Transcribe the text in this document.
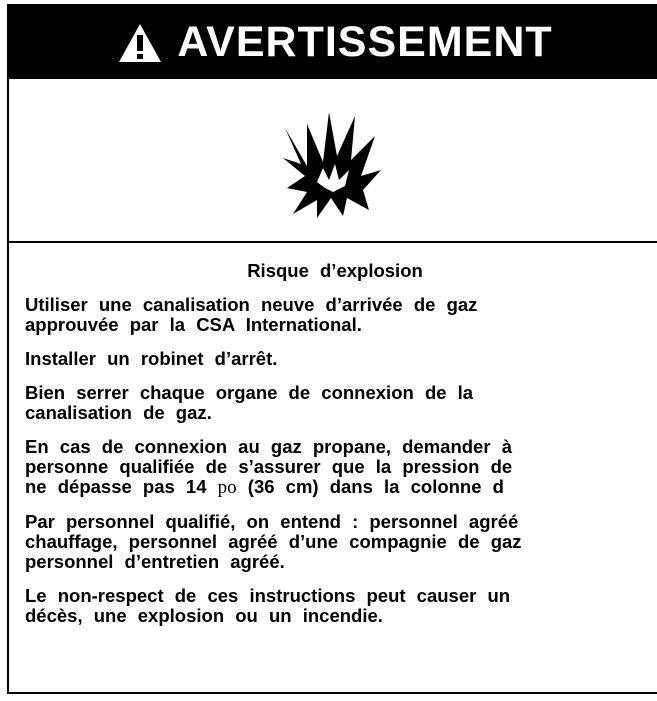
AVERTISSEMENT
Risque d’explosion
Utiliser une canalisation neuve d’arrivée de gaz
approuvée par la CSA International.
Installer un robinet d’arrêt.
Bien serrer chaque organe de connexion de la
canalisation de gaz.
En cas de connexion au gaz propane, demander à
personne qualifiée de s’assurer que la pression de
ne dépasse pas 14 po (36 cm) dans la colonne d
Par personnel qualifié, on entend : personnel agréé
chauffage, personnel agréé d’une compagnie de gaz
personnel d’entretien agréé.
Le non-respect de ces instructions peut causer un
décès, une explosion ou un incendie.
